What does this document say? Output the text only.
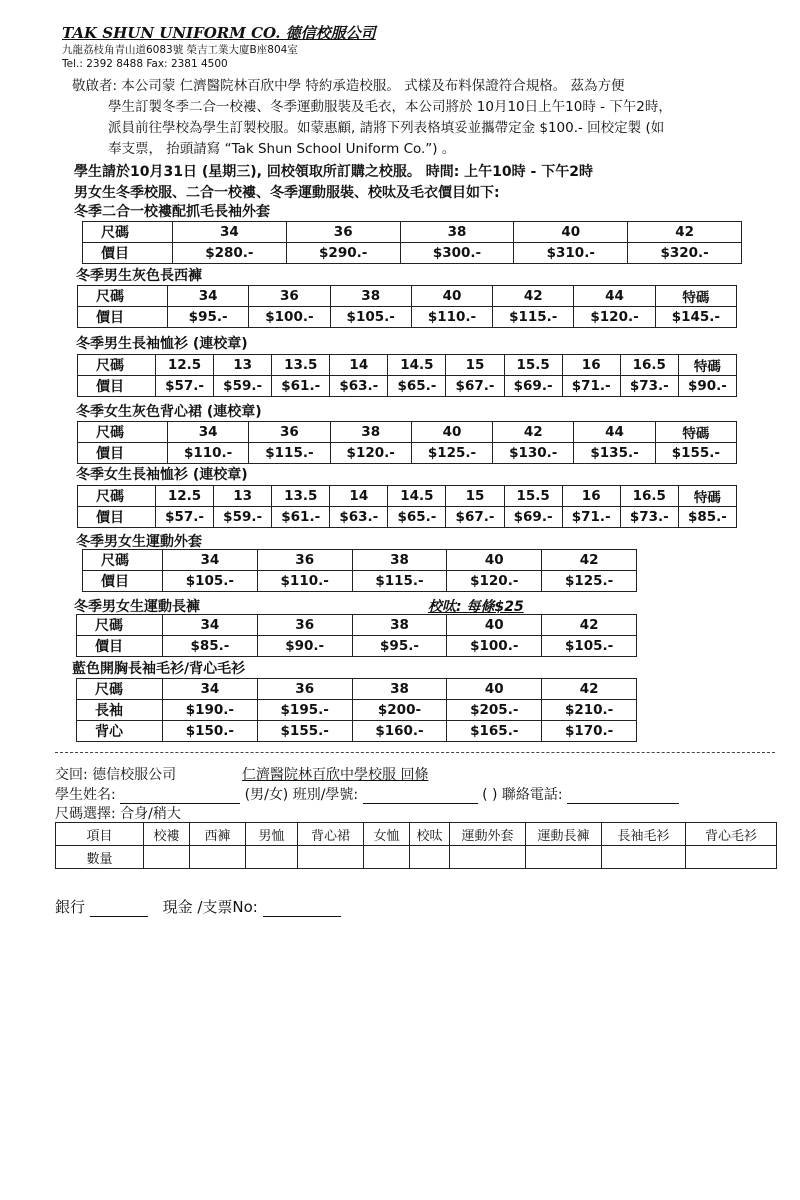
TAK SHUN UNIFORM CO. 德信校服公司
九龍荔枝角青山道6083號 榮吉工業大廈B座804室
Tel.: 2392 8488 Fax: 2381 4500
敬啟者: 本公司蒙 仁濟醫院林百欣中學 特約承造校服。 式樣及布料保證符合規格。 茲為方便
學生訂製冬季二合一校褸、冬季運動服裝及毛衣，本公司將於 10月10日上午10時 - 下午2時，
派員前往學校為學生訂製校服。如蒙惠顧, 請將下列表格填妥並攜帶定金 $100.- 回校定製 (如
奉支票， 抬頭請寫 “Tak Shun School Uniform Co.”) 。
學生請於10月31日 (星期三), 回校領取所訂購之校服。 時間: 上午10時 - 下午2時
男女生冬季校服、二合一校褸、冬季運動服裝、校呔及毛衣價目如下:
冬季二合一校褸配抓毛長袖外套
尺碼	34	36	38	40	42
價目	$280.-	$290.-	$300.-	$310.-	$320.-
冬季男生灰色長西褲
尺碼	34	36	38	40	42	44	特碼
價目	$95.-	$100.-	$105.-	$110.-	$115.-	$120.-	$145.-
冬季男生長袖恤衫 (連校章)
尺碼	12.5	13	13.5	14	14.5	15	15.5	16	16.5	特碼
價目	$57.-	$59.-	$61.-	$63.-	$65.-	$67.-	$69.-	$71.-	$73.-	$90.-
冬季女生灰色背心裙 (連校章)
尺碼	34	36	38	40	42	44	特碼
價目	$110.-	$115.-	$120.-	$125.-	$130.-	$135.-	$155.-
冬季女生長袖恤衫 (連校章)
尺碼	12.5	13	13.5	14	14.5	15	15.5	16	16.5	特碼
價目	$57.-	$59.-	$61.-	$63.-	$65.-	$67.-	$69.-	$71.-	$73.-	$85.-
冬季男女生運動外套
尺碼	34	36	38	40	42
價目	$105.-	$110.-	$115.-	$120.-	$125.-
冬季男女生運動長褲	校呔: 每條$25
尺碼	34	36	38	40	42
價目	$85.-	$90.-	$95.-	$100.-	$105.-
藍色開胸長袖毛衫/背心毛衫
尺碼	34	36	38	40	42
長袖	$190.-	$195.-	$200-	$205.-	$210.-
背心	$150.-	$155.-	$160.-	$165.-	$170.-
交回: 德信校服公司	仁濟醫院林百欣中學校服 回條
學生姓名:	(男/女) 班別/學號:	( ) 聯絡電話:
尺碼選擇: 合身/稍大
項目	校褸	西褲	男恤	背心裙	女恤	校呔	運動外套	運動長褲	長袖毛衫	背心毛衫
數量										
銀行	現金 /支票No:
